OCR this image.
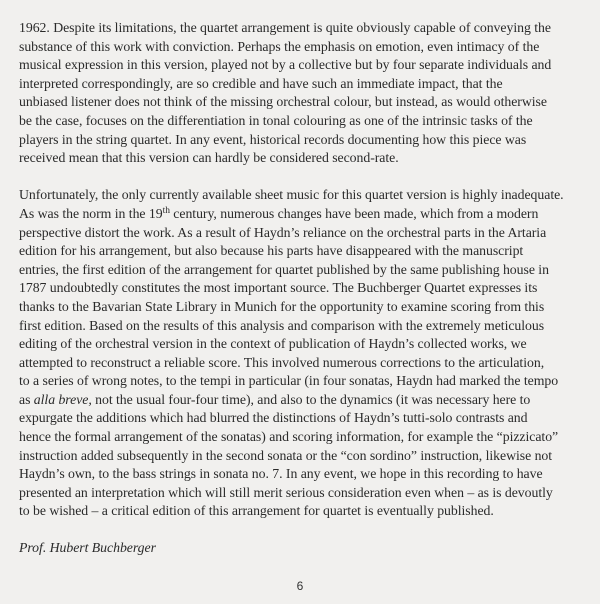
1962. Despite its limitations, the quartet arrangement is quite obviously capable of conveying the
substance of this work with conviction. Perhaps the emphasis on emotion, even intimacy of the
musical expression in this version, played not by a collective but by four separate individuals and
interpreted correspondingly, are so credible and have such an immediate impact, that the
unbiased listener does not think of the missing orchestral colour, but instead, as would otherwise
be the case, focuses on the differentiation in tonal colouring as one of the intrinsic tasks of the
players in the string quartet. In any event, historical records documenting how this piece was
received mean that this version can hardly be considered second-rate.
Unfortunately, the only currently available sheet music for this quartet version is highly inadequate.
As was the norm in the 19th century, numerous changes have been made, which from a modern
perspective distort the work. As a result of Haydn’s reliance on the orchestral parts in the Artaria
edition for his arrangement, but also because his parts have disappeared with the manuscript
entries, the first edition of the arrangement for quartet published by the same publishing house in
1787 undoubtedly constitutes the most important source. The Buchberger Quartet expresses its
thanks to the Bavarian State Library in Munich for the opportunity to examine scoring from this
first edition. Based on the results of this analysis and comparison with the extremely meticulous
editing of the orchestral version in the context of publication of Haydn’s collected works, we
attempted to reconstruct a reliable score. This involved numerous corrections to the articulation,
to a series of wrong notes, to the tempi in particular (in four sonatas, Haydn had marked the tempo
as alla breve, not the usual four-four time), and also to the dynamics (it was necessary here to
expurgate the additions which had blurred the distinctions of Haydn’s tutti-solo contrasts and
hence the formal arrangement of the sonatas) and scoring information, for example the “pizzicato”
instruction added subsequently in the second sonata or the “con sordino” instruction, likewise not
Haydn’s own, to the bass strings in sonata no. 7. In any event, we hope in this recording to have
presented an interpretation which will still merit serious consideration even when – as is devoutly
to be wished – a critical edition of this arrangement for quartet is eventually published.
Prof. Hubert Buchberger
6
